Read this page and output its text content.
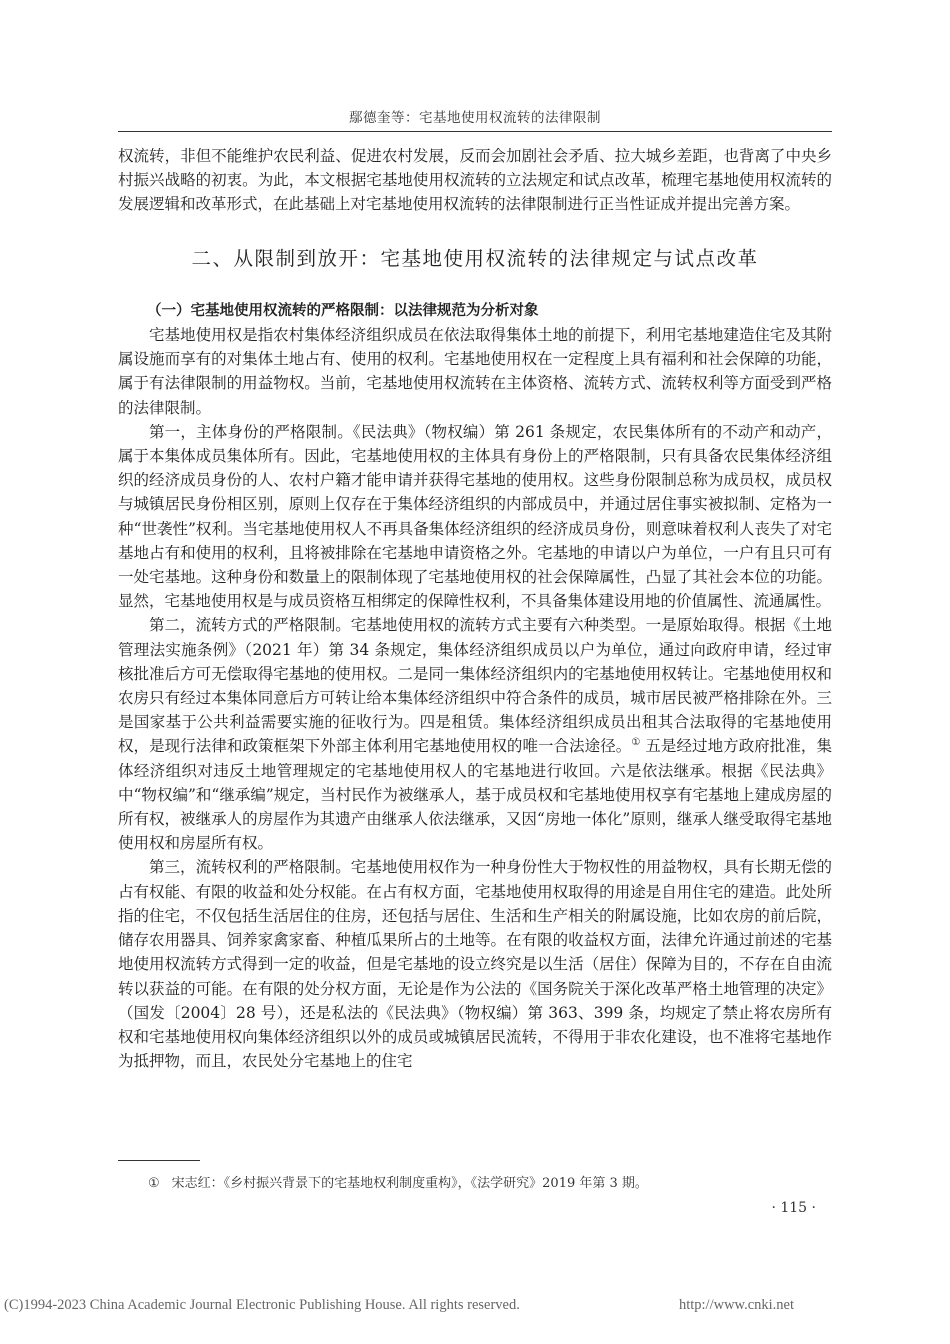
鄢德奎等：宅基地使用权流转的法律限制

权流转，非但不能维护农民利益、促进农村发展，反而会加剧社会矛盾、拉大城乡差距，也背离了中央乡村振兴战略的初衷。为此，本文根据宅基地使用权流转的立法规定和试点改革，梳理宅基地使用权流转的发展逻辑和改革形式，在此基础上对宅基地使用权流转的法律限制进行正当性证成并提出完善方案。

二、从限制到放开：宅基地使用权流转的法律规定与试点改革

（一）宅基地使用权流转的严格限制：以法律规范为分析对象

宅基地使用权是指农村集体经济组织成员在依法取得集体土地的前提下，利用宅基地建造住宅及其附属设施而享有的对集体土地占有、使用的权利。宅基地使用权在一定程度上具有福利和社会保障的功能，属于有法律限制的用益物权。当前，宅基地使用权流转在主体资格、流转方式、流转权利等方面受到严格的法律限制。

第一，主体身份的严格限制。《民法典》（物权编）第 261 条规定，农民集体所有的不动产和动产，属于本集体成员集体所有。因此，宅基地使用权的主体具有身份上的严格限制，只有具备农民集体经济组织的经济成员身份的人、农村户籍才能申请并获得宅基地的使用权。这些身份限制总称为成员权，成员权与城镇居民身份相区别，原则上仅存在于集体经济组织的内部成员中，并通过居住事实被拟制、定格为一种“世袭性”权利。当宅基地使用权人不再具备集体经济组织的经济成员身份，则意味着权利人丧失了对宅基地占有和使用的权利，且将被排除在宅基地申请资格之外。宅基地的申请以户为单位，一户有且只可有一处宅基地。这种身份和数量上的限制体现了宅基地使用权的社会保障属性，凸显了其社会本位的功能。显然，宅基地使用权是与成员资格互相绑定的保障性权利，不具备集体建设用地的价值属性、流通属性。

第二，流转方式的严格限制。宅基地使用权的流转方式主要有六种类型。一是原始取得。根据《土地管理法实施条例》（2021 年）第 34 条规定，集体经济组织成员以户为单位，通过向政府申请，经过审核批准后方可无偿取得宅基地的使用权。二是同一集体经济组织内的宅基地使用权转让。宅基地使用权和农房只有经过本集体同意后方可转让给本集体经济组织中符合条件的成员，城市居民被严格排除在外。三是国家基于公共利益需要实施的征收行为。四是租赁。集体经济组织成员出租其合法取得的宅基地使用权，是现行法律和政策框架下外部主体利用宅基地使用权的唯一合法途径。① 五是经过地方政府批准，集体经济组织对违反土地管理规定的宅基地使用权人的宅基地进行收回。六是依法继承。根据《民法典》中“物权编”和“继承编”规定，当村民作为被继承人，基于成员权和宅基地使用权享有宅基地上建成房屋的所有权，被继承人的房屋作为其遗产由继承人依法继承，又因“房地一体化”原则，继承人继受取得宅基地使用权和房屋所有权。

第三，流转权利的严格限制。宅基地使用权作为一种身份性大于物权性的用益物权，具有长期无偿的占有权能、有限的收益和处分权能。在占有权方面，宅基地使用权取得的用途是自用住宅的建造。此处所指的住宅，不仅包括生活居住的住房，还包括与居住、生活和生产相关的附属设施，比如农房的前后院，储存农用器具、饲养家禽家畜、种植瓜果所占的土地等。在有限的收益权方面，法律允许通过前述的宅基地使用权流转方式得到一定的收益，但是宅基地的设立终究是以生活（居住）保障为目的，不存在自由流转以获益的可能。在有限的处分权方面，无论是作为公法的《国务院关于深化改革严格土地管理的决定》（国发〔2004〕28 号），还是私法的《民法典》（物权编）第 363、399 条，均规定了禁止将农房所有权和宅基地使用权向集体经济组织以外的成员或城镇居民流转，不得用于非农化建设，也不准将宅基地作为抵押物，而且，农民处分宅基地上的住宅

① 宋志红：《乡村振兴背景下的宅基地权利制度重构》，《法学研究》2019 年第 3 期。
· 115 ·
(C)1994-2023 China Academic Journal Electronic Publishing House. All rights reserved.	http://www.cnki.net
